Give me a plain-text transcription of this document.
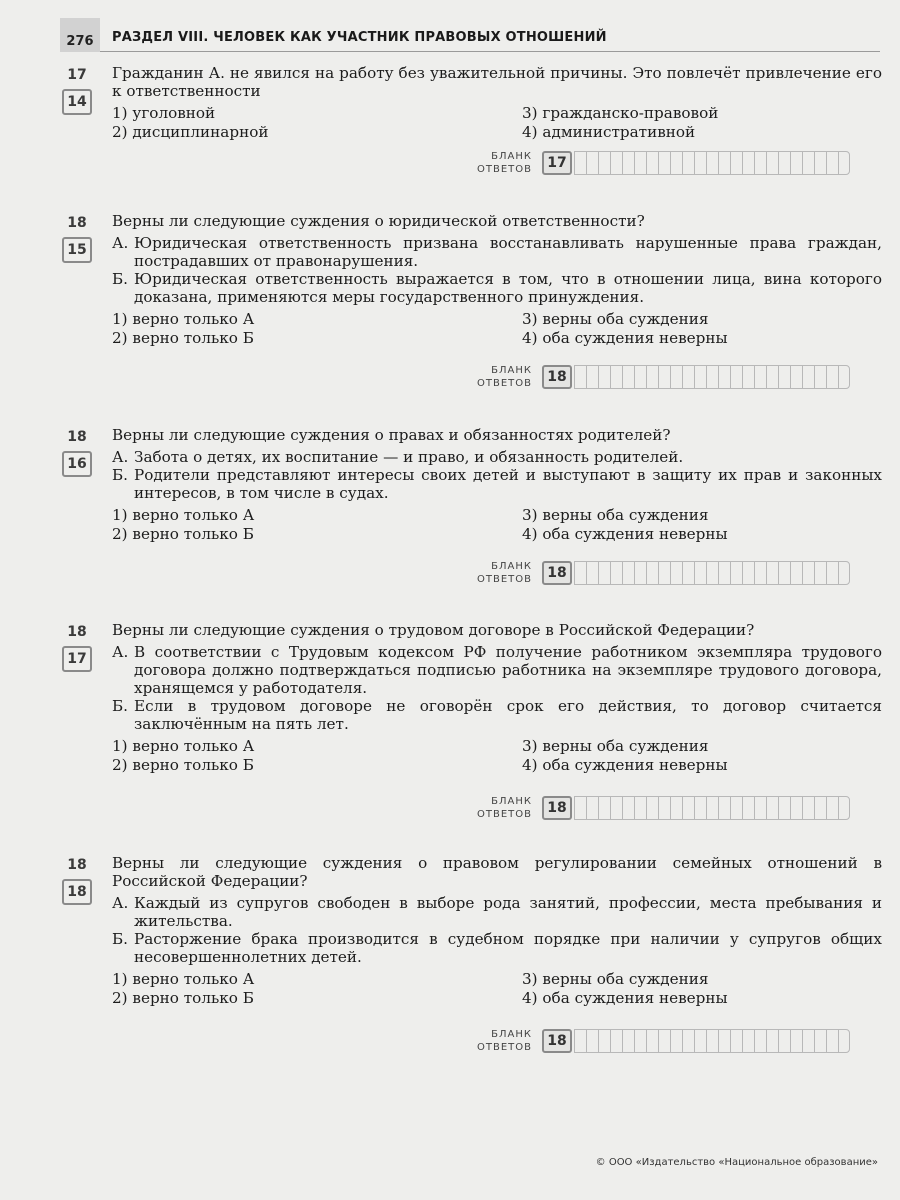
276	РАЗДЕЛ VIII. ЧЕЛОВЕК КАК УЧАСТНИК ПРАВОВЫХ ОТНОШЕНИЙ
17
14

Гражданин А. не явился на работу без уважительной причины. Это повлечёт привлечение его к ответственности

1) уголовной	3) гражданско-правовой
2) дисциплинарной	4) административной
БЛАНК
ОТВЕТОВ	17
18
15

Верны ли следующие суждения о юридической ответственности?

А. Юридическая ответственность призвана восстанавливать нарушенные права граждан, пострадавших от правонарушения.

Б. Юридическая ответственность выражается в том, что в отношении лица, вина которого доказана, применяются меры государственного принуждения.

1) верно только А	3) верны оба суждения
2) верно только Б	4) оба суждения неверны
БЛАНК
ОТВЕТОВ	18
18
16

Верны ли следующие суждения о правах и обязанностях родителей?

А. Забота о детях, их воспитание — и право, и обязанность родителей.

Б. Родители представляют интересы своих детей и выступают в защиту их прав и законных интересов, в том числе в судах.

1) верно только А	3) верны оба суждения
2) верно только Б	4) оба суждения неверны
БЛАНК
ОТВЕТОВ	18
18
17

Верны ли следующие суждения о трудовом договоре в Российской Федерации?

А. В соответствии с Трудовым кодексом РФ получение работником экземпляра трудового договора должно подтверждаться подписью работника на экземпляре трудового договора, хранящемся у работодателя.

Б. Если в трудовом договоре не оговорён срок его действия, то договор считается заключённым на пять лет.

1) верно только А	3) верны оба суждения
2) верно только Б	4) оба суждения неверны
БЛАНК
ОТВЕТОВ	18
18
18

Верны ли следующие суждения о правовом регулировании семейных отношений в Российской Федерации?

А. Каждый из супругов свободен в выборе рода занятий, профессии, места пребывания и жительства.

Б. Расторжение брака производится в судебном порядке при наличии у супругов общих несовершеннолетних детей.

1) верно только А	3) верны оба суждения
2) верно только Б	4) оба суждения неверны
БЛАНК
ОТВЕТОВ	18
© ООО «Издательство «Национальное образование»
